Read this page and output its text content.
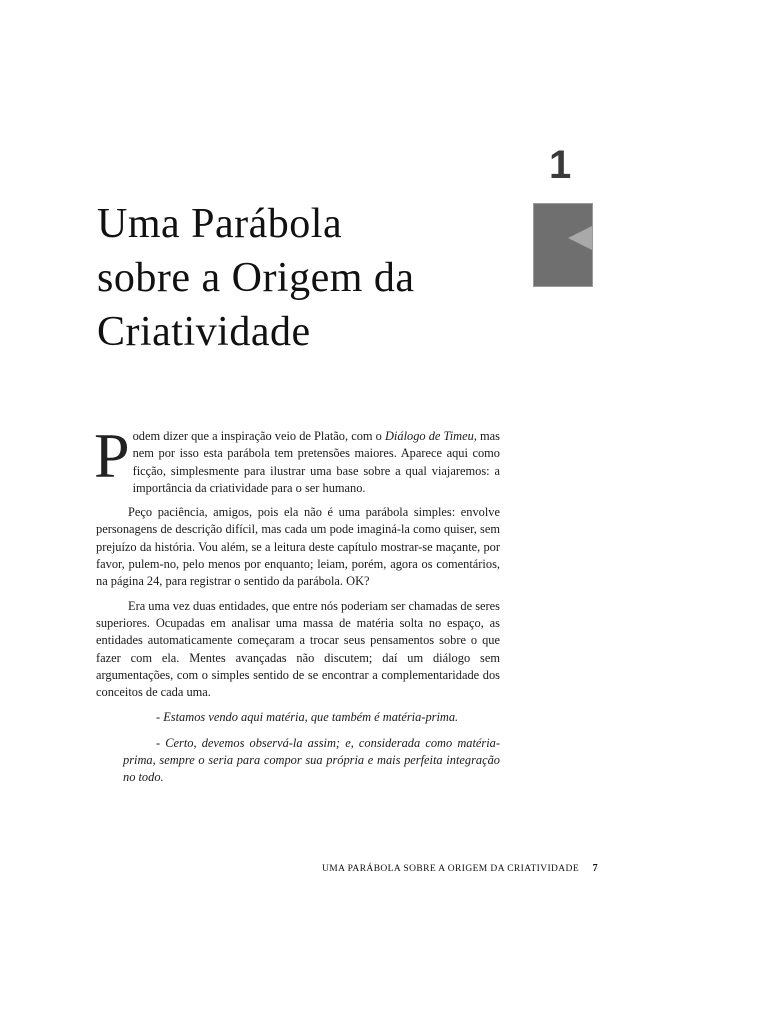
1
Uma Parábola
sobre a Origem da
Criatividade

Podem dizer que a inspiração veio de Platão, com o Diálogo de Timeu, mas nem por isso esta parábola tem pretensões maiores. Aparece aqui como ficção, simplesmente para ilustrar uma base sobre a qual viajaremos: a importância da criatividade para o ser humano.

Peço paciência, amigos, pois ela não é uma parábola simples: envolve personagens de descrição difícil, mas cada um pode imaginá-la como quiser, sem prejuízo da história. Vou além, se a leitura deste capítulo mostrar-se maçante, por favor, pulem-no, pelo menos por enquanto; leiam, porém, agora os comentários, na página 24, para registrar o sentido da parábola. OK?

Era uma vez duas entidades, que entre nós poderiam ser chamadas de seres superiores. Ocupadas em analisar uma massa de matéria solta no espaço, as entidades automaticamente começaram a trocar seus pensamentos sobre o que fazer com ela. Mentes avançadas não discutem; daí um diálogo sem argumentações, com o simples sentido de se encontrar a complementaridade dos conceitos de cada uma.

- Estamos vendo aqui matéria, que também é matéria-prima.

- Certo, devemos observá-la assim; e, considerada como matéria-prima, sempre o seria para compor sua própria e mais perfeita integração no todo.

UMA PARÁBOLA SOBRE A ORIGEM DA CRIATIVIDADE 7
